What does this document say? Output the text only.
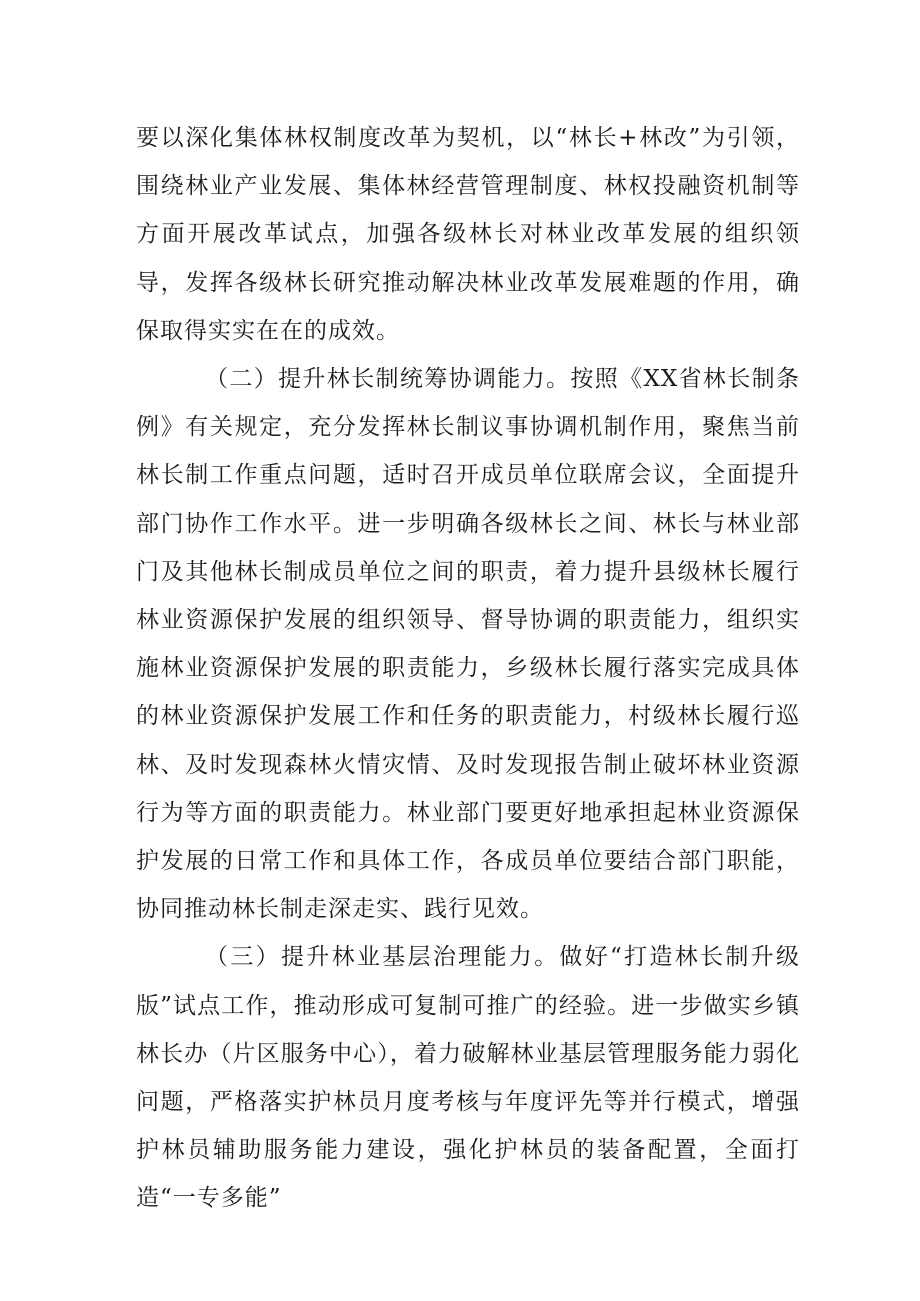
要以深化集体林权制度改革为契机，以“林长+林改”为引领，围绕林业产业发展、集体林经营管理制度、林权投融资机制等方面开展改革试点，加强各级林长对林业改革发展的组织领导，发挥各级林长研究推动解决林业改革发展难题的作用，确保取得实实在在的成效。

（二）提升林长制统筹协调能力。按照《XX省林长制条例》有关规定，充分发挥林长制议事协调机制作用，聚焦当前林长制工作重点问题，适时召开成员单位联席会议，全面提升部门协作工作水平。进一步明确各级林长之间、林长与林业部门及其他林长制成员单位之间的职责，着力提升县级林长履行林业资源保护发展的组织领导、督导协调的职责能力，组织实施林业资源保护发展的职责能力，乡级林长履行落实完成具体的林业资源保护发展工作和任务的职责能力，村级林长履行巡林、及时发现森林火情灾情、及时发现报告制止破坏林业资源行为等方面的职责能力。林业部门要更好地承担起林业资源保护发展的日常工作和具体工作，各成员单位要结合部门职能，协同推动林长制走深走实、践行见效。

（三）提升林业基层治理能力。做好“打造林长制升级版”试点工作，推动形成可复制可推广的经验。进一步做实乡镇林长办（片区服务中心），着力破解林业基层管理服务能力弱化问题，严格落实护林员月度考核与年度评先等并行模式，增强护林员辅助服务能力建设，强化护林员的装备配置，全面打造“一专多能”
